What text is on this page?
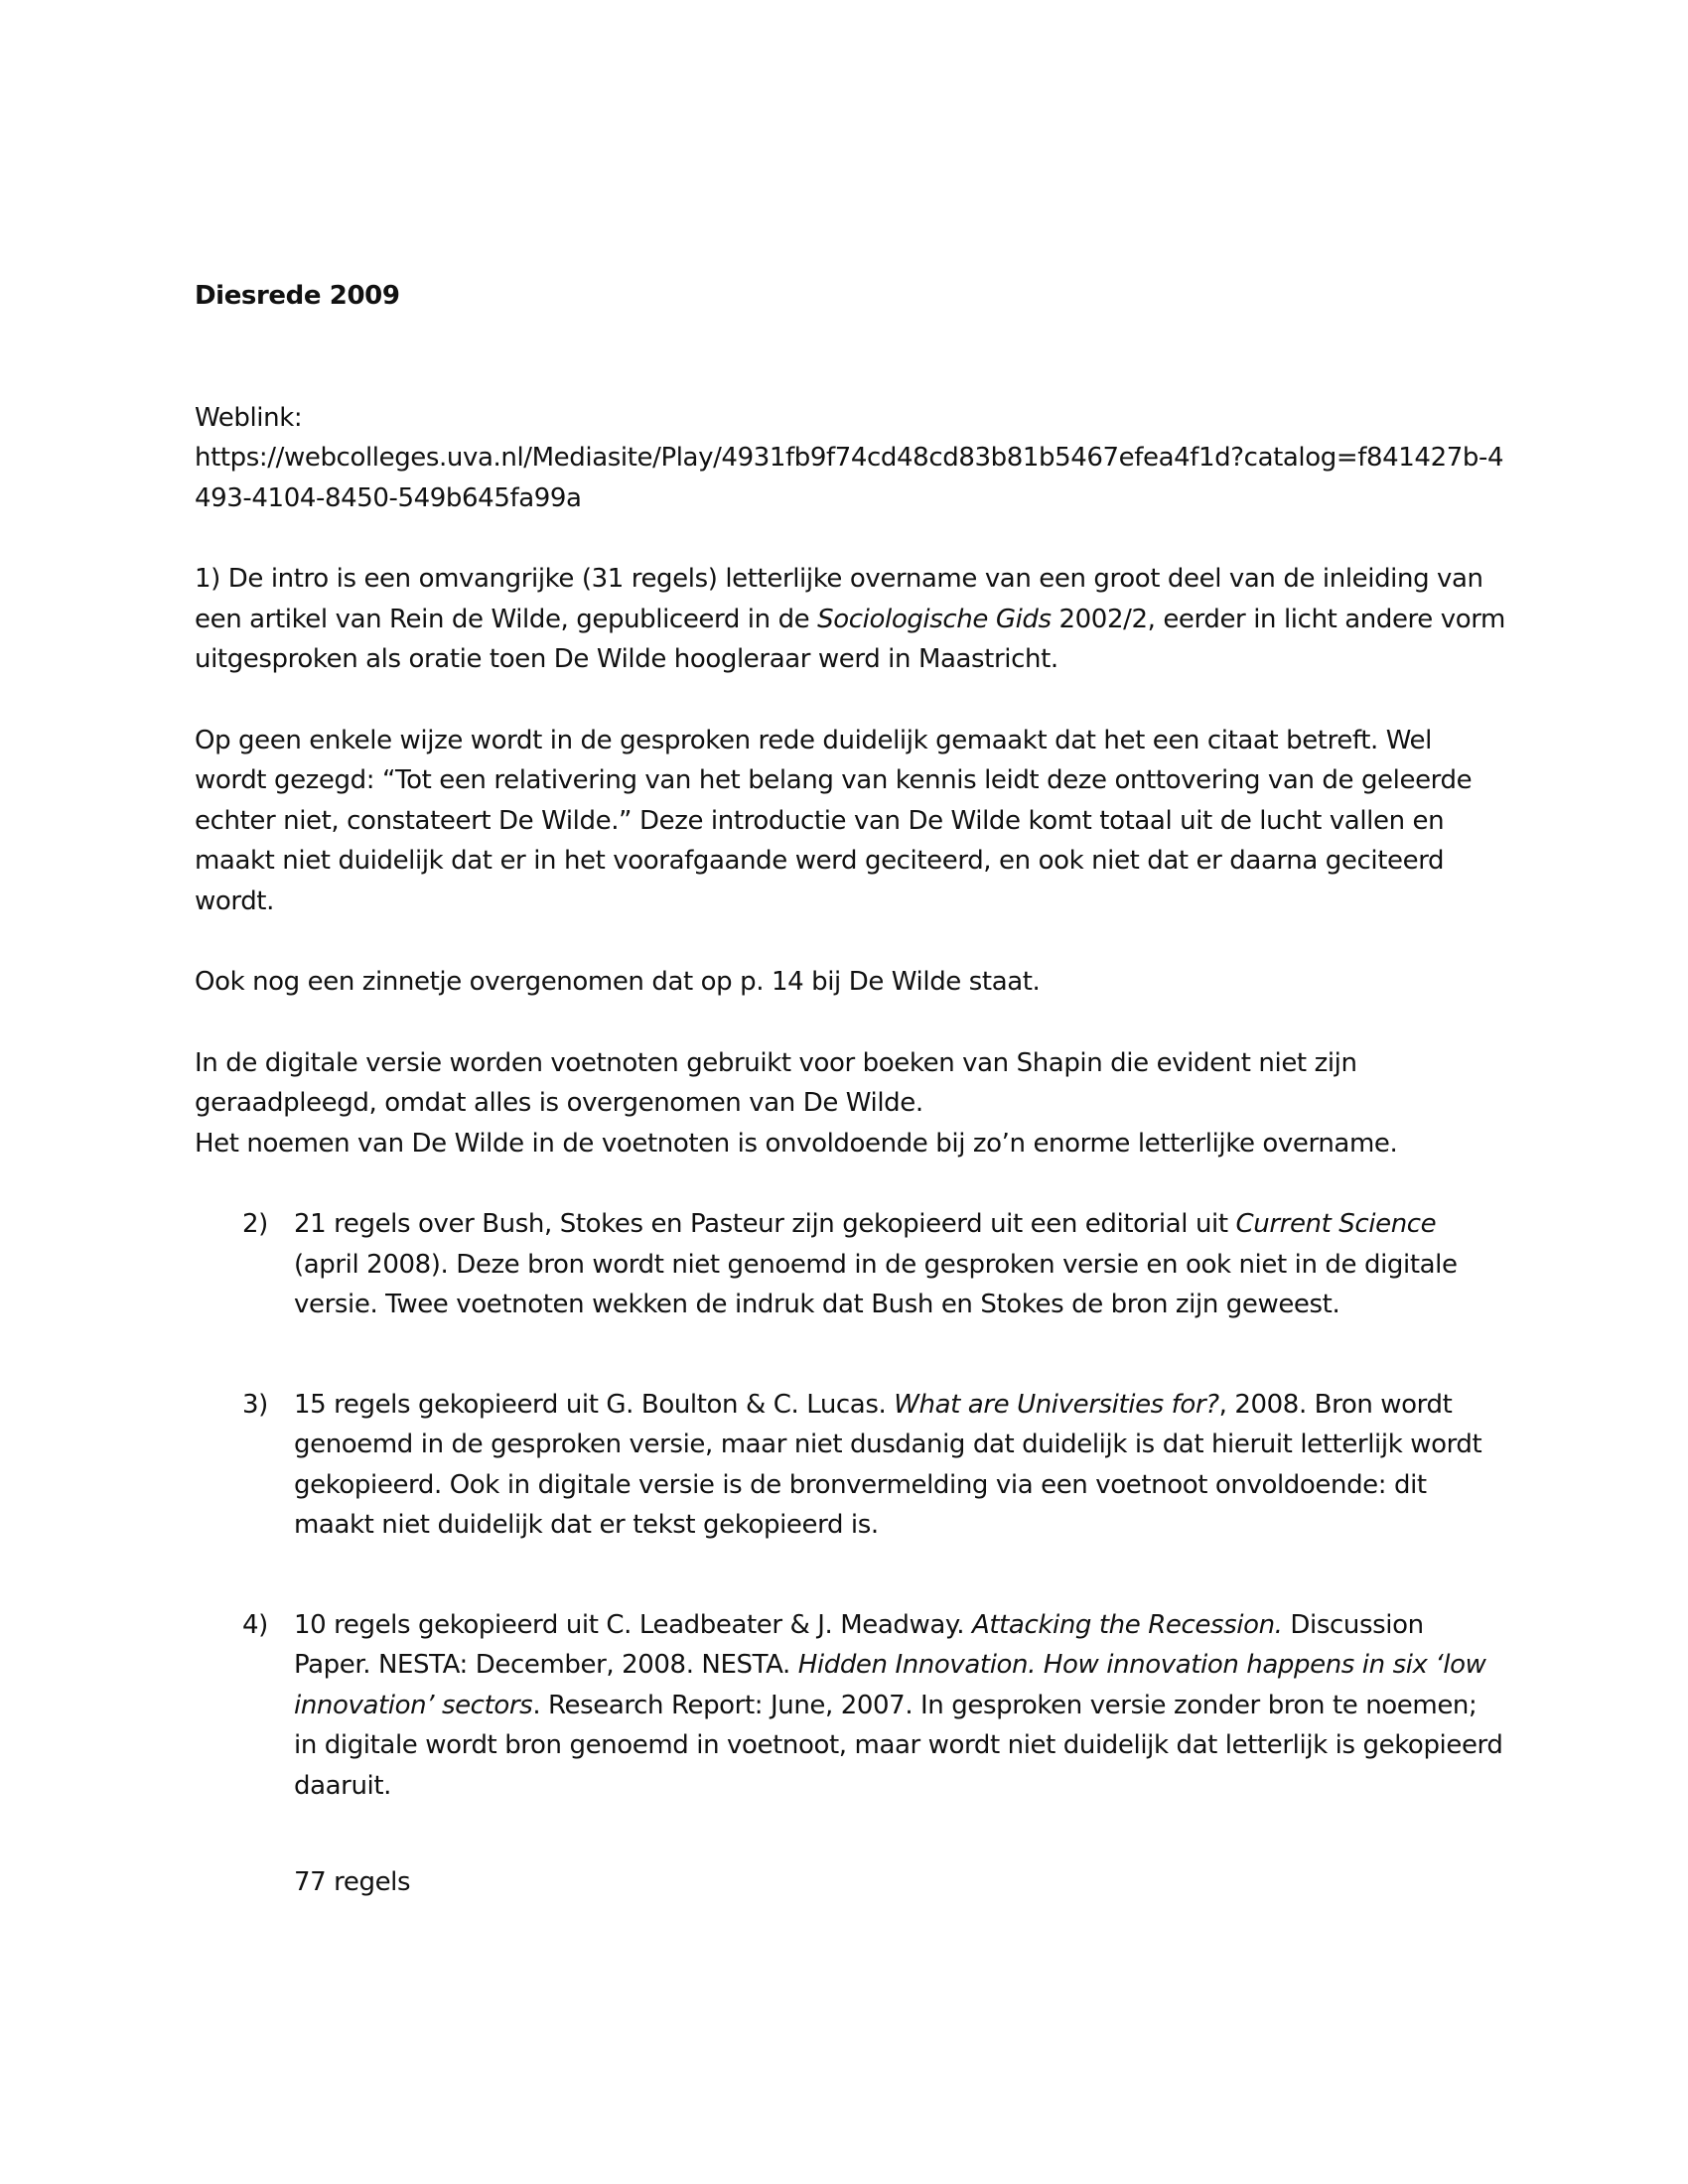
Diesrede 2009

Weblink:
https://webcolleges.uva.nl/Mediasite/Play/4931fb9f74cd48cd83b81b5467efea4f1d?catalog=f841427b-4493-4104-8450-549b645fa99a

1) De intro is een omvangrijke (31 regels) letterlijke overname van een groot deel van de inleiding van een artikel van Rein de Wilde, gepubliceerd in de Sociologische Gids 2002/2, eerder in licht andere vorm uitgesproken als oratie toen De Wilde hoogleraar werd in Maastricht.

Op geen enkele wijze wordt in de gesproken rede duidelijk gemaakt dat het een citaat betreft. Wel wordt gezegd: “Tot een relativering van het belang van kennis leidt deze onttovering van de geleerde echter niet, constateert De Wilde.” Deze introductie van De Wilde komt totaal uit de lucht vallen en maakt niet duidelijk dat er in het voorafgaande werd geciteerd, en ook niet dat er daarna geciteerd wordt.

Ook nog een zinnetje overgenomen dat op p. 14 bij De Wilde staat.

In de digitale versie worden voetnoten gebruikt voor boeken van Shapin die evident niet zijn geraadpleegd, omdat alles is overgenomen van De Wilde.

Het noemen van De Wilde in de voetnoten is onvoldoende bij zo’n enorme letterlijke overname.

2) 21 regels over Bush, Stokes en Pasteur zijn gekopieerd uit een editorial uit Current Science (april 2008). Deze bron wordt niet genoemd in de gesproken versie en ook niet in de digitale versie. Twee voetnoten wekken de indruk dat Bush en Stokes de bron zijn geweest.
3) 15 regels gekopieerd uit G. Boulton & C. Lucas. What are Universities for?, 2008. Bron wordt genoemd in de gesproken versie, maar niet dusdanig dat duidelijk is dat hieruit letterlijk wordt gekopieerd. Ook in digitale versie is de bronvermelding via een voetnoot onvoldoende: dit maakt niet duidelijk dat er tekst gekopieerd is.
4) 10 regels gekopieerd uit C. Leadbeater & J. Meadway. Attacking the Recession. Discussion Paper. NESTA: December, 2008. NESTA. Hidden Innovation. How innovation happens in six ‘low innovation’ sectors. Research Report: June, 2007. In gesproken versie zonder bron te noemen; in digitale wordt bron genoemd in voetnoot, maar wordt niet duidelijk dat letterlijk is gekopieerd daaruit.
77 regels
